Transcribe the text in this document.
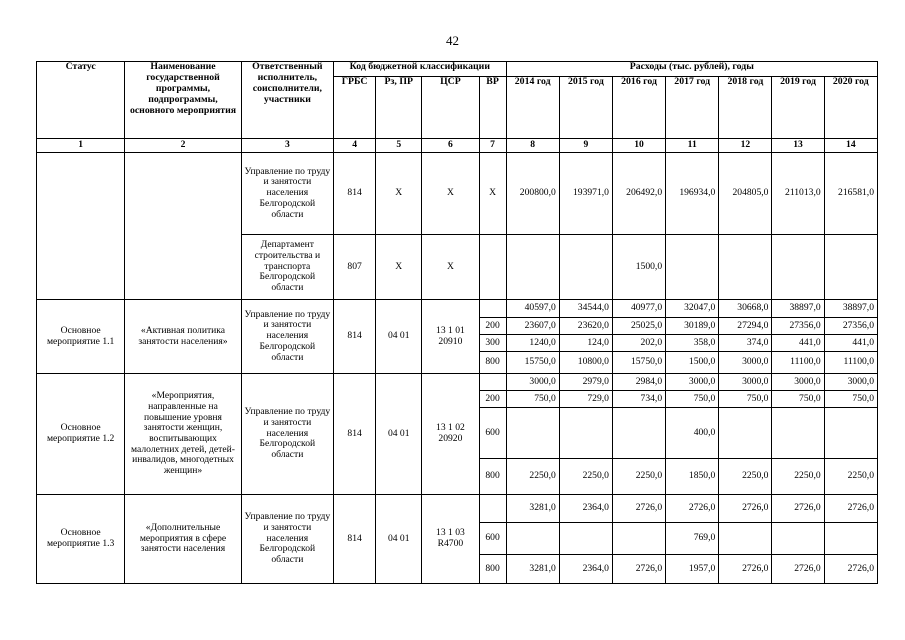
42
Статус	Наименование государственной программы, подпрограммы, основного мероприятия	Ответственный исполнитель, соисполнители, участники	Код бюджетной классификации				Расходы (тыс. рублей), годы						
			ГРБС	Рз, ПР	ЦСР	ВР	2014 год	2015 год	2016 год	2017 год	2018 год	2019 год	2020 год
1	2	3	4	5	6	7	8	9	10	11	12	13	14
		Управление по труду и занятости населения Белгородской области	814	Х	Х	Х	200800,0	193971,0	206492,0	196934,0	204805,0	211013,0	216581,0
		Департамент строительства и транспорта Белгородской области	807	Х	Х				1500,0				
Основное мероприятие 1.1	«Активная политика занятости населения»	Управление по труду и занятости населения Белгородской области	814	04 01	13 1 01 20910		40597,0	34544,0	40977,0	32047,0	30668,0	38897,0	38897,0
						200	23607,0	23620,0	25025,0	30189,0	27294,0	27356,0	27356,0
						300	1240,0	124,0	202,0	358,0	374,0	441,0	441,0
						800	15750,0	10800,0	15750,0	1500,0	3000,0	11100,0	11100,0
Основное мероприятие 1.2	«Мероприятия, направленные на повышение уровня занятости женщин, воспитывающих малолетних детей, детей-инвалидов, многодетных женщин»	Управление по труду и занятости населения Белгородской области	814	04 01	13 1 02 20920		3000,0	2979,0	2984,0	3000,0	3000,0	3000,0	3000,0
						200	750,0	729,0	734,0	750,0	750,0	750,0	750,0
						600				400,0			
						800	2250,0	2250,0	2250,0	1850,0	2250,0	2250,0	2250,0
Основное мероприятие 1.3	«Дополнительные мероприятия в сфере занятости населения	Управление по труду и занятости населения Белгородской области	814	04 01	13 1 03 R4700		3281,0	2364,0	2726,0	2726,0	2726,0	2726,0	2726,0
						600				769,0			
						800	3281,0	2364,0	2726,0	1957,0	2726,0	2726,0	2726,0
